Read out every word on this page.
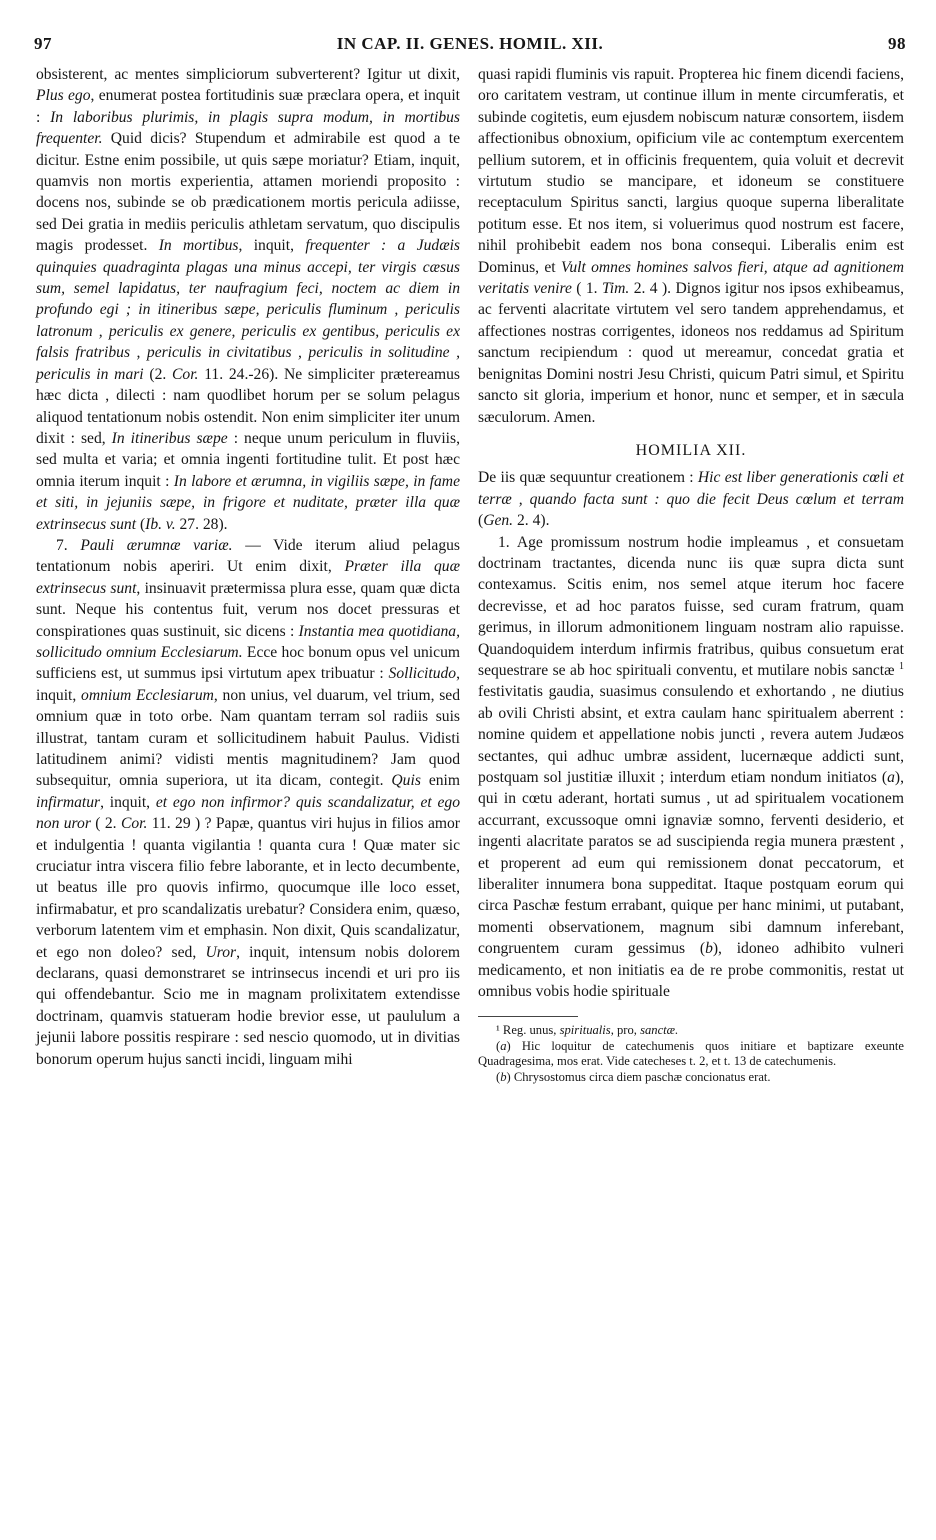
97	IN CAP. II. GENES. HOMIL. XII.	98

obsisterent, ac mentes simpliciorum subverterent? Igitur ut dixit, Plus ego, enumerat postea fortitudinis suæ præclara opera, et inquit : In laboribus plurimis, in plagis supra modum, in mortibus frequenter. Quid dicis? Stupendum et admirabile est quod a te dicitur. Estne enim possibile, ut quis sæpe moriatur? Etiam, inquit, quamvis non mortis experientia, attamen moriendi proposito : docens nos, subinde se ob prædicationem mortis pericula adiisse, sed Dei gratia in mediis periculis athletam servatum, quo discipulis magis prodesset. In mortibus, inquit, frequenter : a Judæis quinquies quadraginta plagas una minus accepi, ter virgis cæsus sum, semel lapidatus, ter naufragium feci, noctem ac diem in profundo egi ; in itineribus sæpe, periculis fluminum , periculis latronum , periculis ex genere, periculis ex gentibus, periculis ex falsis fratribus , periculis in civitatibus , periculis in solitudine , periculis in mari (2. Cor. 11. 24.-26). Ne simpliciter prætereamus hæc dicta , dilecti : nam quodlibet horum per se solum pelagus aliquod tentationum nobis ostendit. Non enim simpliciter iter unum dixit : sed, In itineribus sæpe : neque unum periculum in fluviis, sed multa et varia; et omnia ingenti fortitudine tulit. Et post hæc omnia iterum inquit : In labore et ærumna, in vigiliis sæpe, in fame et siti, in jejuniis sæpe, in frigore et nuditate, præter illa quæ extrinsecus sunt (Ib. v. 27. 28).

7. Pauli ærumnæ variæ. — Vide iterum aliud pelagus tentationum nobis aperiri. Ut enim dixit, Præter illa quæ extrinsecus sunt, insinuavit prætermissa plura esse, quam quæ dicta sunt. Neque his contentus fuit, verum nos docet pressuras et conspirationes quas sustinuit, sic dicens : Instantia mea quotidiana, sollicitudo omnium Ecclesiarum. Ecce hoc bonum opus vel unicum sufficiens est, ut summus ipsi virtutum apex tribuatur : Sollicitudo, inquit, omnium Ecclesiarum, non unius, vel duarum, vel trium, sed omnium quæ in toto orbe. Nam quantam terram sol radiis suis illustrat, tantam curam et sollicitudinem habuit Paulus. Vidisti latitudinem animi? vidisti mentis magnitudinem? Jam quod subsequitur, omnia superiora, ut ita dicam, contegit. Quis enim infirmatur, inquit, et ego non infirmor? quis scandalizatur, et ego non uror ( 2. Cor. 11. 29 ) ? Papæ, quantus viri hujus in filios amor et indulgentia ! quanta vigilantia ! quanta cura ! Quæ mater sic cruciatur intra viscera filio febre laborante, et in lecto decumbente, ut beatus ille pro quovis infirmo, quocumque ille loco esset, infirmabatur, et pro scandalizatis urebatur? Considera enim, quæso, verborum latentem vim et emphasin. Non dixit, Quis scandalizatur, et ego non doleo? sed, Uror, inquit, intensum nobis dolorem declarans, quasi demonstraret se intrinsecus incendi et uri pro iis qui offendebantur. Scio me in magnam prolixitatem extendisse doctrinam, quamvis statueram hodie brevior esse, ut paululum a jejunii labore possitis respirare : sed nescio quomodo, ut in divitias bonorum operum hujus sancti incidi, linguam mihi

quasi rapidi fluminis vis rapuit. Propterea hic finem dicendi faciens, oro caritatem vestram, ut continue illum in mente circumferatis, et subinde cogitetis, eum ejusdem nobiscum naturæ consortem, iisdem affectionibus obnoxium, opificium vile ac contemptum exercentem pellium sutorem, et in officinis frequentem, quia voluit et decrevit virtutum studio se mancipare, et idoneum se constituere receptaculum Spiritus sancti, largius quoque superna liberalitate potitum esse. Et nos item, si voluerimus quod nostrum est facere, nihil prohibebit eadem nos bona consequi. Liberalis enim est Dominus, et Vult omnes homines salvos fieri, atque ad agnitionem veritatis venire ( 1. Tim. 2. 4 ). Dignos igitur nos ipsos exhibeamus, ac ferventi alacritate virtutem vel sero tandem apprehendamus, et affectiones nostras corrigentes, idoneos nos reddamus ad Spiritum sanctum recipiendum : quod ut mereamur, concedat gratia et benignitas Domini nostri Jesu Christi, quicum Patri simul, et Spiritu sancto sit gloria, imperium et honor, nunc et semper, et in sæcula sæculorum. Amen.

HOMILIA XII.

De iis quæ sequuntur creationem : Hic est liber generationis cœli et terræ , quando facta sunt : quo die fecit Deus cœlum et terram (Gen. 2. 4).

1. Age promissum nostrum hodie impleamus , et consuetam doctrinam tractantes, dicenda nunc iis quæ supra dicta sunt contexamus. Scitis enim, nos semel atque iterum hoc facere decrevisse, et ad hoc paratos fuisse, sed curam fratrum, quam gerimus, in illorum admonitionem linguam nostram alio rapuisse. Quandoquidem interdum infirmis fratribus, quibus consuetum erat sequestrare se ab hoc spirituali conventu, et mutilare nobis sanctæ $^1$ festivitatis gaudia, suasimus consulendo et exhortando , ne diutius ab ovili Christi absint, et extra caulam hanc spiritualem aberrent : nomine quidem et appellatione nobis juncti , revera autem Judæos sectantes, qui adhuc umbræ assident, lucernæque addicti sunt, postquam sol justitiæ illuxit ; interdum etiam nondum initiatos (a), qui in cœtu aderant, hortati sumus , ut ad spiritualem vocationem accurrant, excussoque omni ignaviæ somno, ferventi desiderio, et ingenti alacritate paratos se ad suscipienda regia munera præstent , et properent ad eum qui remissionem donat peccatorum, et liberaliter innumera bona suppeditat. Itaque postquam eorum qui circa Paschæ festum errabant, quique per hanc minimi, ut putabant, momenti observationem, magnum sibi damnum inferebant, congruentem curam gessimus (b), idoneo adhibito vulneri medicamento, et non initiatis ea de re probe commonitis, restat ut omnibus vobis hodie spirituale

¹ Reg. unus, spiritualis, pro, sanctæ.

(a) Hic loquitur de catechumenis quos initiare et baptizare exeunte Quadragesima, mos erat. Vide catecheses t. 2, et t. 13 de catechumenis.

(b) Chrysostomus circa diem paschæ concionatus erat.
